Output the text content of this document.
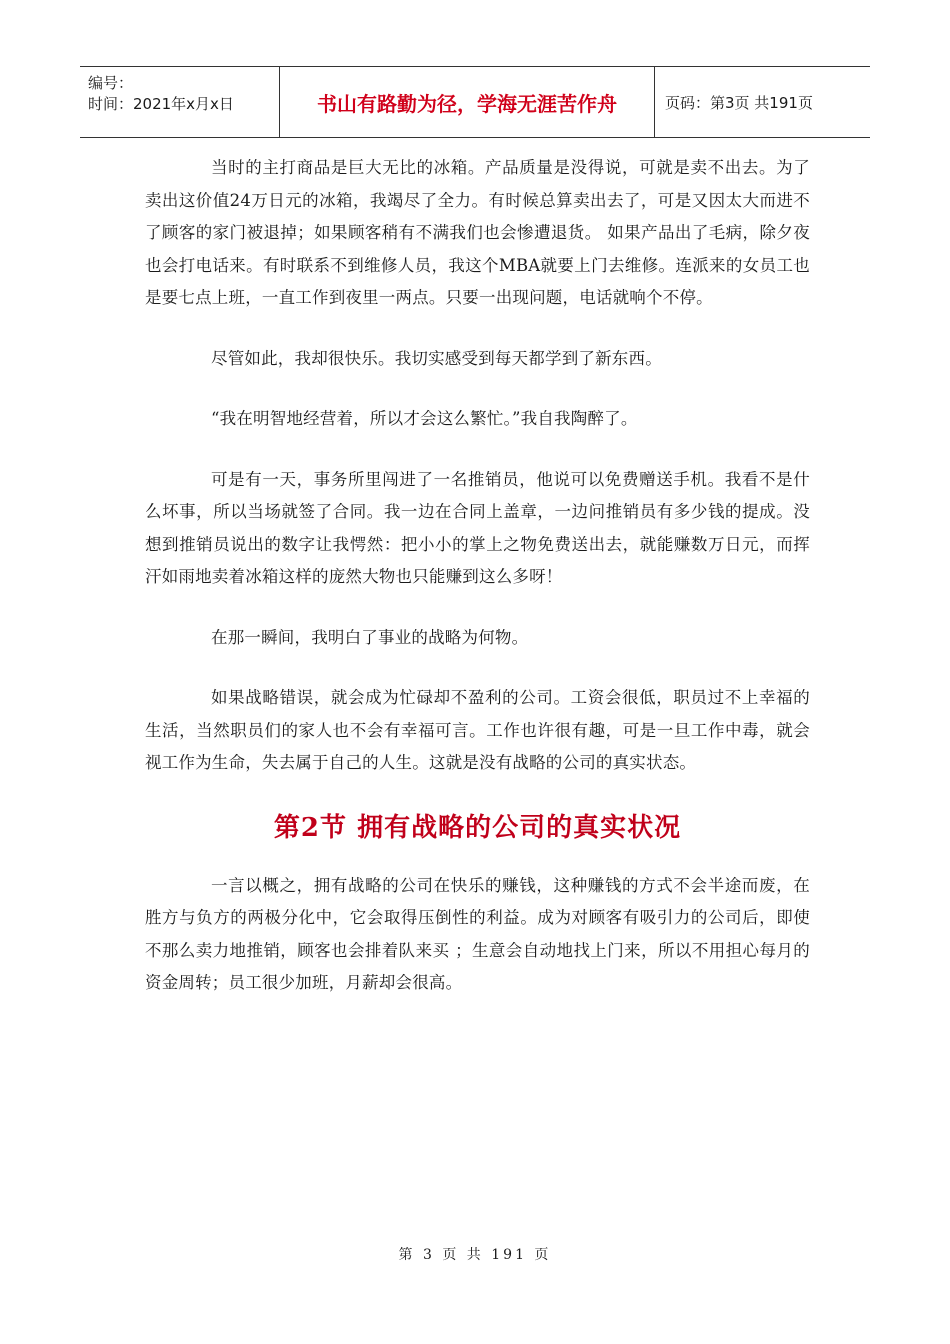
编号：
时间：2021年x月x日	书山有路勤为径，学海无涯苦作舟	页码：第3页 共191页

当时的主打商品是巨大无比的冰箱。产品质量是没得说，可就是卖不出去。为了卖出这价值24万日元的冰箱，我竭尽了全力。有时候总算卖出去了，可是又因太大而进不了顾客的家门被退掉；如果顾客稍有不满我们也会惨遭退货。 如果产品出了毛病，除夕夜也会打电话来。有时联系不到维修人员，我这个MBA就要上门去维修。连派来的女员工也是要七点上班，一直工作到夜里一两点。只要一出现问题，电话就响个不停。

尽管如此，我却很快乐。我切实感受到每天都学到了新东西。

“我在明智地经营着，所以才会这么繁忙。”我自我陶醉了。

可是有一天，事务所里闯进了一名推销员，他说可以免费赠送手机。我看不是什么坏事，所以当场就签了合同。我一边在合同上盖章，一边问推销员有多少钱的提成。没想到推销员说出的数字让我愕然：把小小的掌上之物免费送出去，就能赚数万日元，而挥汗如雨地卖着冰箱这样的庞然大物也只能赚到这么多呀！

在那一瞬间，我明白了事业的战略为何物。

如果战略错误，就会成为忙碌却不盈利的公司。工资会很低，职员过不上幸福的生活，当然职员们的家人也不会有幸福可言。工作也许很有趣，可是一旦工作中毒，就会视工作为生命，失去属于自己的人生。这就是没有战略的公司的真实状态。

第2节 拥有战略的公司的真实状况

一言以概之，拥有战略的公司在快乐的赚钱，这种赚钱的方式不会半途而废，在胜方与负方的两极分化中，它会取得压倒性的利益。成为对顾客有吸引力的公司后，即使不那么卖力地推销，顾客也会排着队来买 ；生意会自动地找上门来，所以不用担心每月的资金周转；员工很少加班，月薪却会很高。

第 3 页 共 191 页
